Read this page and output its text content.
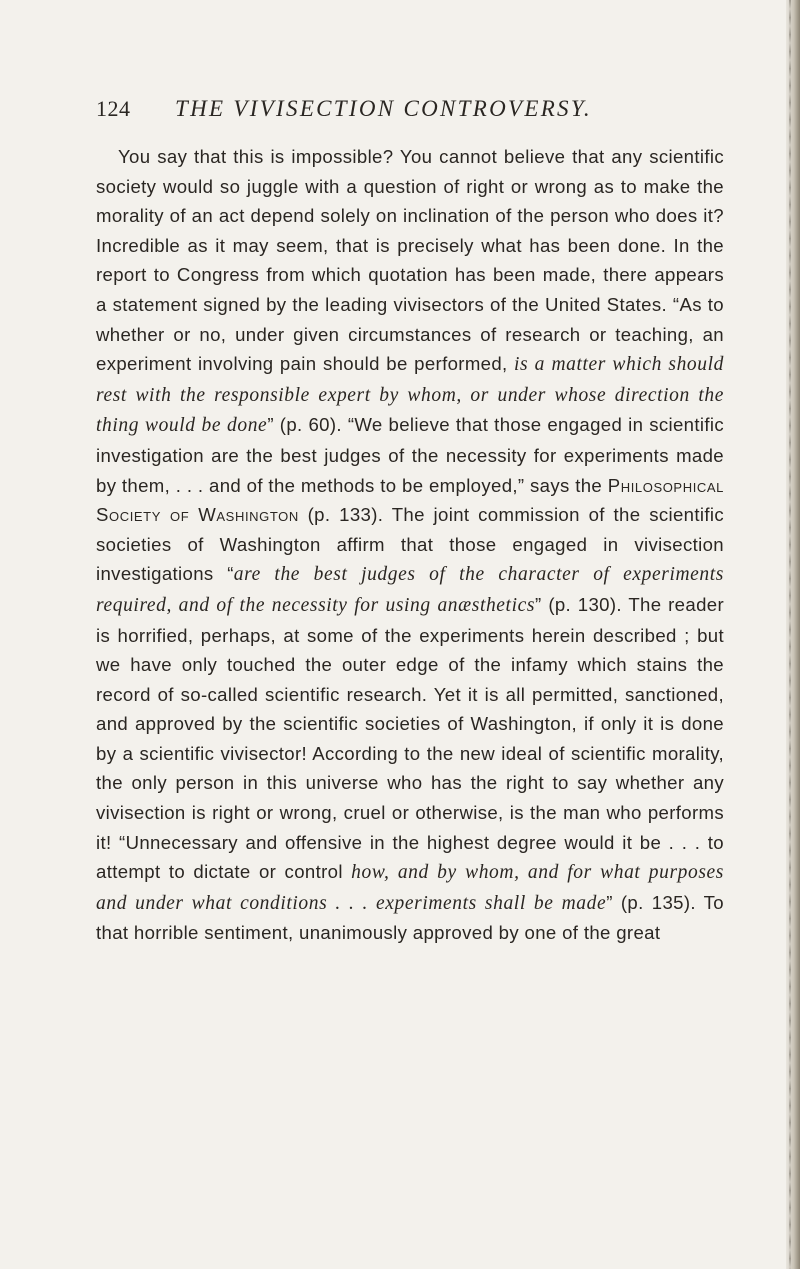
124 THE VIVISECTION CONTROVERSY.

You say that this is impossible? You cannot believe that any scientific society would so juggle with a question of right or wrong as to make the morality of an act depend solely on inclination of the person who does it? Incredible as it may seem, that is precisely what has been done. In the report to Congress from which quotation has been made, there appears a statement signed by the leading vivisectors of the United States. “As to whether or no, under given circumstances of research or teaching, an experiment involving pain should be performed, is a matter which should rest with the responsible expert by whom, or under whose direction the thing would be done” (p. 60). “We believe that those engaged in scientific investigation are the best judges of the necessity for experiments made by them, . . . and of the methods to be employed,” says the Philosophical Society of Washington (p. 133). The joint commission of the scientific societies of Washington affirm that those engaged in vivisection investigations “are the best judges of the character of experiments required, and of the necessity for using anæsthetics” (p. 130). The reader is horrified, perhaps, at some of the experiments herein described ; but we have only touched the outer edge of the infamy which stains the record of so-called scientific research. Yet it is all permitted, sanctioned, and approved by the scientific societies of Washington, if only it is done by a scientific vivisector! According to the new ideal of scientific morality, the only person in this universe who has the right to say whether any vivisection is right or wrong, cruel or otherwise, is the man who performs it! “Unnecessary and offensive in the highest degree would it be . . . to attempt to dictate or control how, and by whom, and for what purposes and under what conditions . . . experiments shall be made” (p. 135). To that horrible sentiment, unanimously approved by one of the great
